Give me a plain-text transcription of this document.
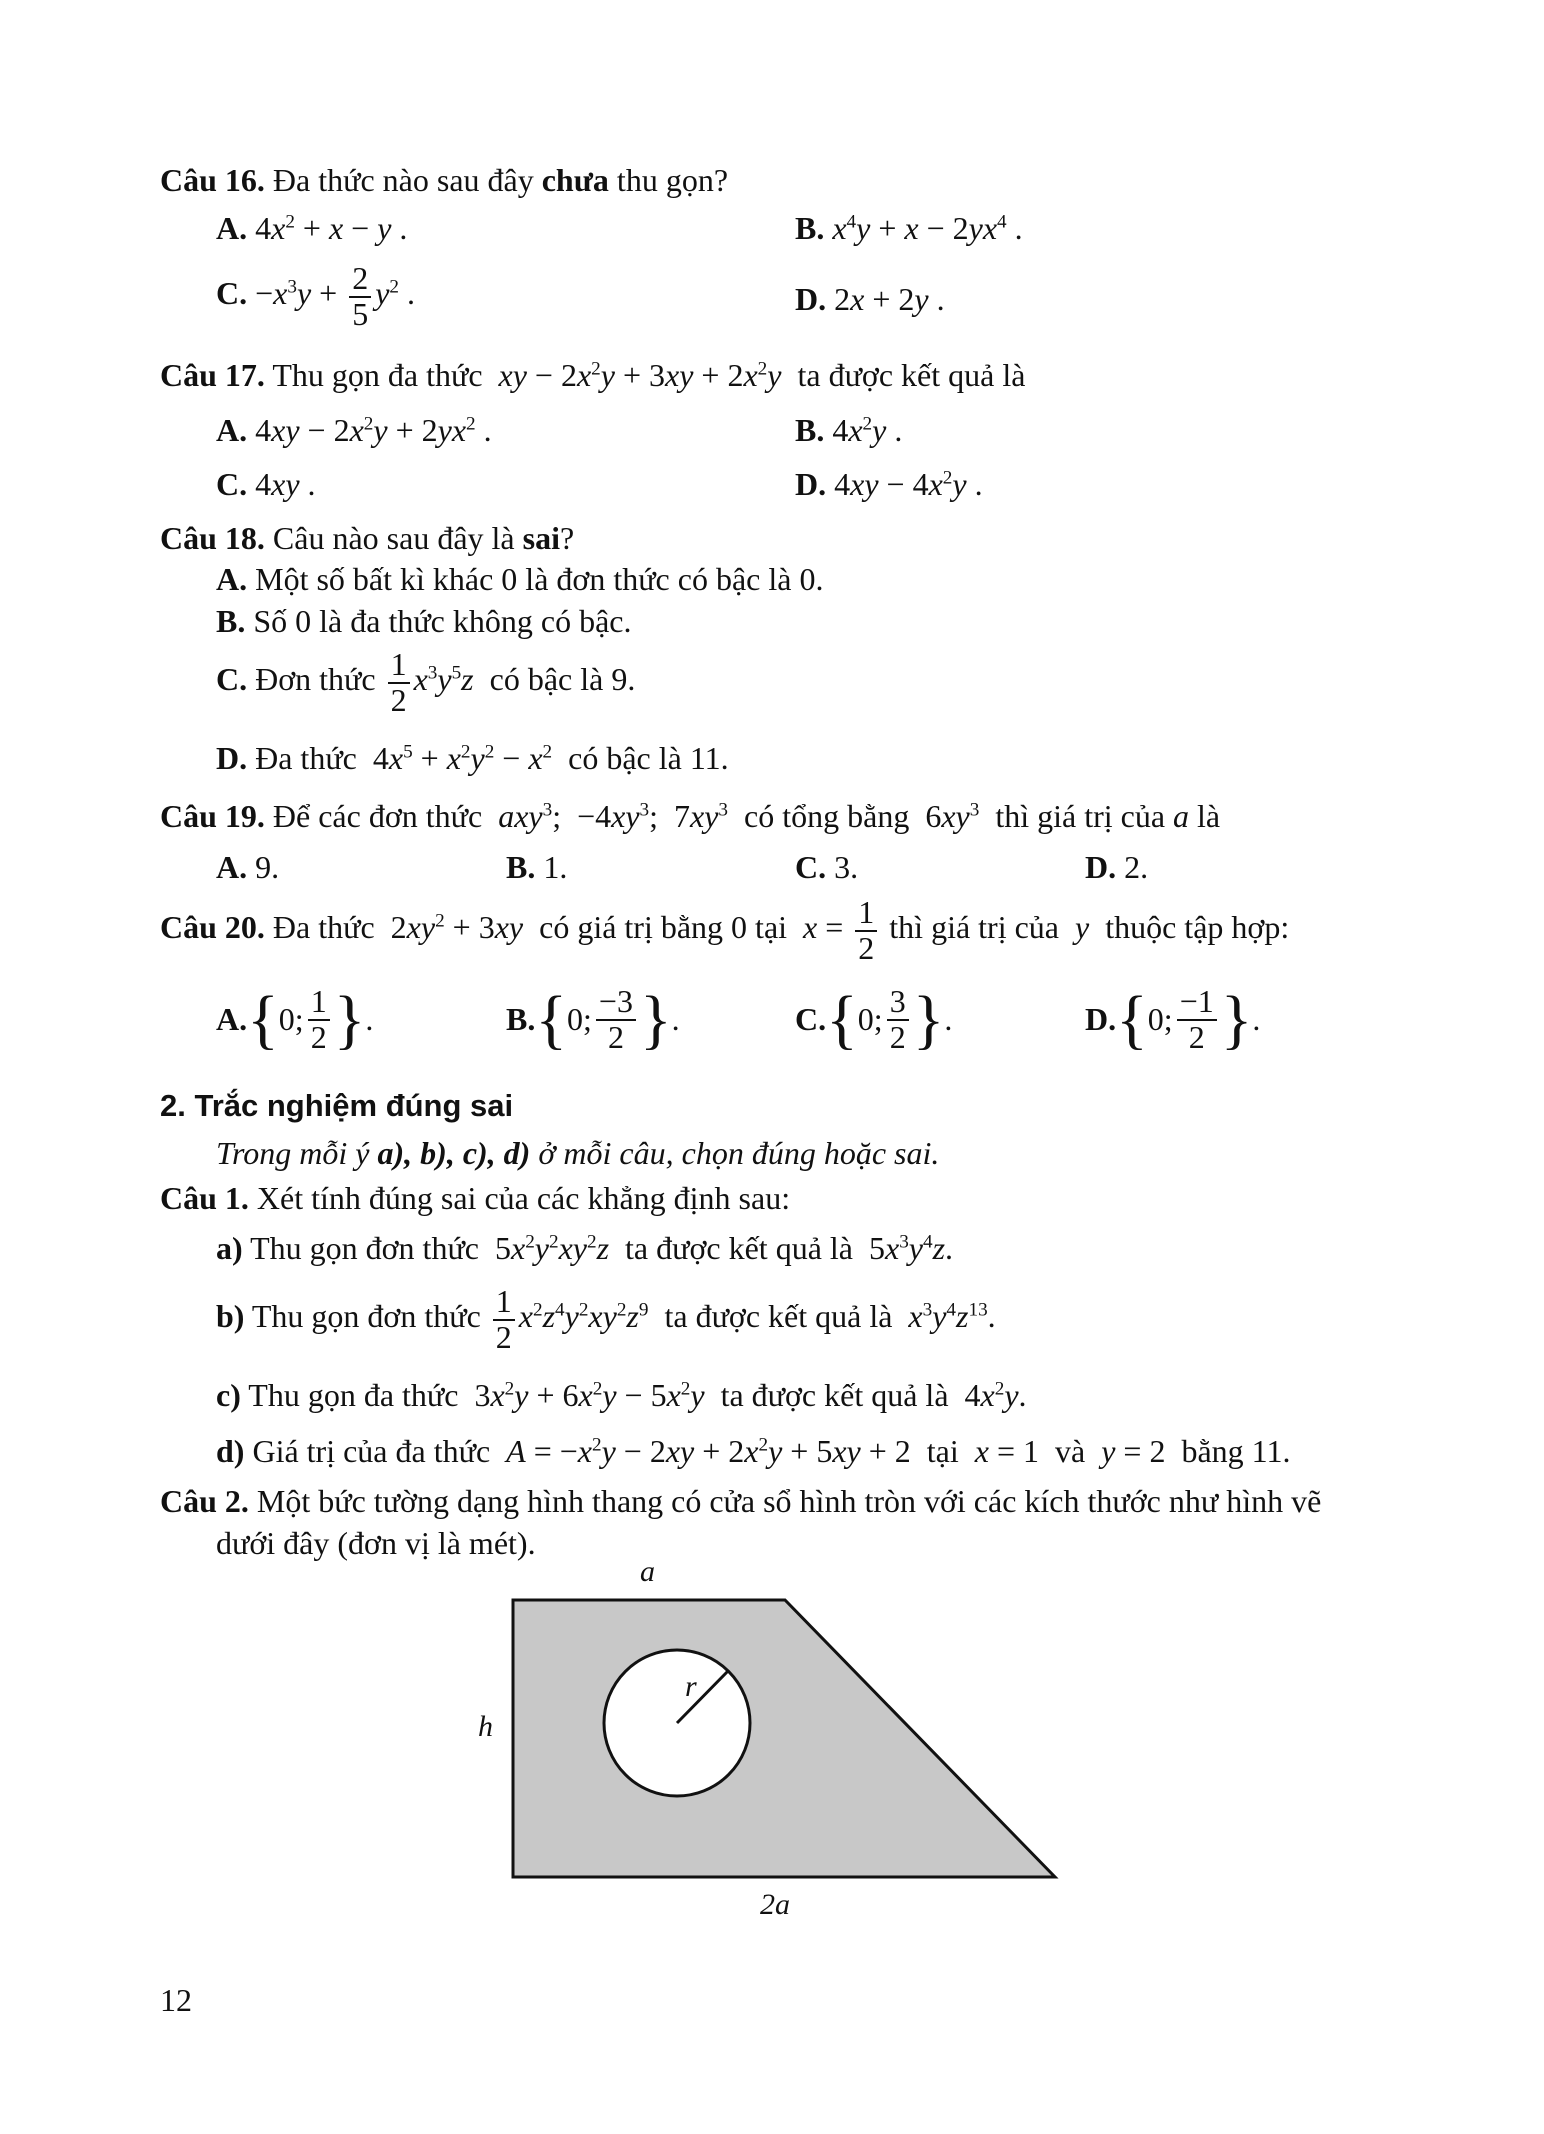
Câu 16. Đa thức nào sau đây chưa thu gọn?
A. $4x^2 + x - y$ .	B. $x^4y + x - 2yx^4$ .
C. $-x^3y + \frac{2}{5} y^2$ .	D. 2x + 2y .
Câu 17. Thu gọn đa thức xy − $2x^2y + 3xy + 2x^2y$ ta được kết quả là
A. $4xy - 2x^2y + 2yx^2$ .	B. $4x^2y$ .
C. 4xy .	D. $4xy - 4x^2y$ .
Câu 18. Câu nào sau đây là sai?
A. Một số bất kì khác 0 là đơn thức có bậc là 0.
B. Số 0 là đa thức không có bậc.
C. Đơn thức $\frac{1}{2} x^3y^5z$ có bậc là 9.
D. Đa thức  $4x^5 + x^2y^2 - x^2$ có bậc là 11.
Câu 19. Để các đơn thức axy$^3$;  $-4xy^3$;  $7xy^3$ có tổng bằng  $6xy^3$ thì giá trị của a là
A. 9.	B. 1.	C. 3.	D. 2.
Câu 20. Đa thức  $2xy^2 + 3xy$ có giá trị bằng 0 tại $x = \frac{1}{2}$ thì giá trị của y thuộc tập hợp:
A. { 0; $\frac{1}{2}$ } .	B. { 0; $\frac{-3}{2}$ } .	C. { 0; $\frac{3}{2}$ } .	D. { 0; $\frac{-1}{2}$ } .
2. Trắc nghiệm đúng sai
Trong mỗi ý a), b), c), d) ở mỗi câu, chọn đúng hoặc sai.
Câu 1. Xét tính đúng sai của các khẳng định sau:
a) Thu gọn đơn thức  $5x^2y^2xy^2z$ ta được kết quả là  $5x^3y^4z$.
b) Thu gọn đơn thức $\frac{1}{2} x^2z^4y^2xy^2z^9$ ta được kết quả là $x^3y^4z^{13}$.
c) Thu gọn đa thức  $3x^2y + 6x^2y - 5x^2y$ ta được kết quả là  $4x^2y$.
d) Giá trị của đa thức $A = -x^2y - 2xy + 2x^2y + 5xy + 2$  tại x = 1  và y = 2  bằng 11.
Câu 2. Một bức tường dạng hình thang có cửa sổ hình tròn với các kích thước như hình vẽ
dưới đây (đơn vị là mét).
a
h
r
2a
12
